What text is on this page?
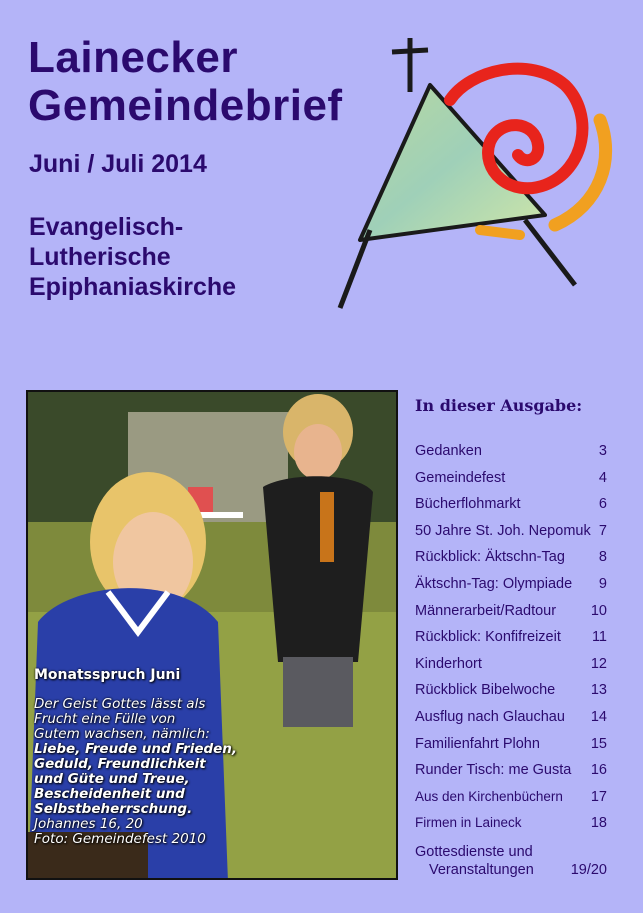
Lainecker
Gemeindebrief
Juni / Juli 2014
Evangelisch-
Lutherische
Epiphaniaskirche
Monatsspruch Juni
Der Geist Gottes lässt als
Frucht eine Fülle von
Gutem wachsen, nämlich:
Liebe, Freude und Frieden,
Geduld, Freundlichkeit
und Güte und Treue,
Bescheidenheit und
Selbstbeherrschung.
Johannes 16, 20
Foto: Gemeindefest 2010
In dieser Ausgabe:
Gedanken	3
Gemeindefest	4
Bücherflohmarkt	6
50 Jahre St. Joh. Nepomuk 7
Rückblick: Äktschn-Tag 8
Äktschn-Tag: Olympiade 9
Männerarbeit/Radtour 10
Rückblick: Konfifreizeit 11
Kinderhort	12
Rückblick Bibelwoche 13
Ausflug nach Glauchau 14
Familienfahrt Plohn	15
Runder Tisch: me Gusta 16
Aus den Kirchenbüchern 17
Firmen in Laineck	18
Gottesdienste und
Veranstaltungen	19/20
